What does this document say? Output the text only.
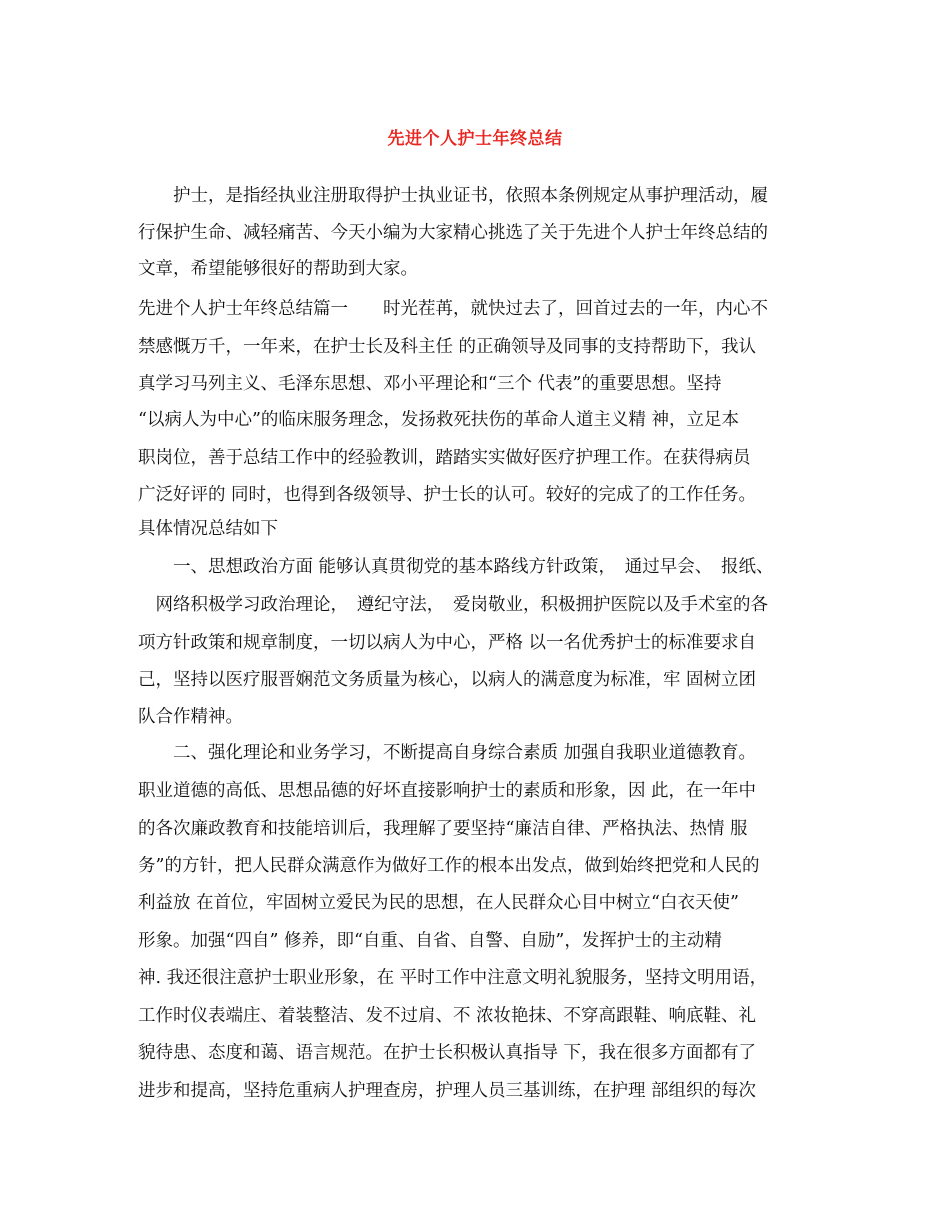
先进个人护士年终总结
　　护士，是指经执业注册取得护士执业证书，依照本条例规定从事护理活动，履
行保护生命、减轻痛苦、今天小编为大家精心挑选了关于先进个人护士年终总结的
文章，希望能够很好的帮助到大家。
先进个人护士年终总结篇一　　时光茬苒，就快过去了，回首过去的一年，内心不
禁感慨万千，一年来，在护士长及科主任 的正确领导及同事的支持帮助下，我认
真学习马列主义、毛泽东思想、邓小平理论和“三个 代表”的重要思想。坚持
“以病人为中心”的临床服务理念，发扬救死扶伤的革命人道主义精 神，立足本
职岗位，善于总结工作中的经验教训，踏踏实实做好医疗护理工作。在获得病员
广泛好评的 同时，也得到各级领导、护士长的认可。较好的完成了的工作任务。
具体情况总结如下
　　一、思想政治方面 能够认真贯彻党的基本路线方针政策，　通过早会、　报纸、
　网络积极学习政治理论，　遵纪守法，　爱岗敬业，积极拥护医院以及手术室的各
项方针政策和规章制度，一切以病人为中心，严格 以一名优秀护士的标准要求自
己，坚持以医疗服晋娴范文务质量为核心，以病人的满意度为标准，牢 固树立团
队合作精神。
　　二、强化理论和业务学习，不断提高自身综合素质 加强自我职业道德教育。
职业道德的高低、思想品德的好坏直接影响护士的素质和形象，因 此，在一年中
的各次廉政教育和技能培训后，我理解了要坚持“廉洁自律、严格执法、热情 服
务”的方针，把人民群众满意作为做好工作的根本出发点，做到始终把党和人民的
利益放 在首位，牢固树立爱民为民的思想，在人民群众心目中树立“白衣天使”
形象。加强“四自” 修养，即“自重、自省、自警、自励”，发挥护士的主动精
神. 我还很注意护士职业形象，在 平时工作中注意文明礼貌服务，坚持文明用语，
工作时仪表端庄、着装整洁、发不过肩、不 浓妆艳抹、不穿高跟鞋、响底鞋、礼
貌待患、态度和蔼、语言规范。在护士长积极认真指导 下，我在很多方面都有了
进步和提高，坚持危重病人护理查房，护理人员三基训练，在护理 部组织的每次
